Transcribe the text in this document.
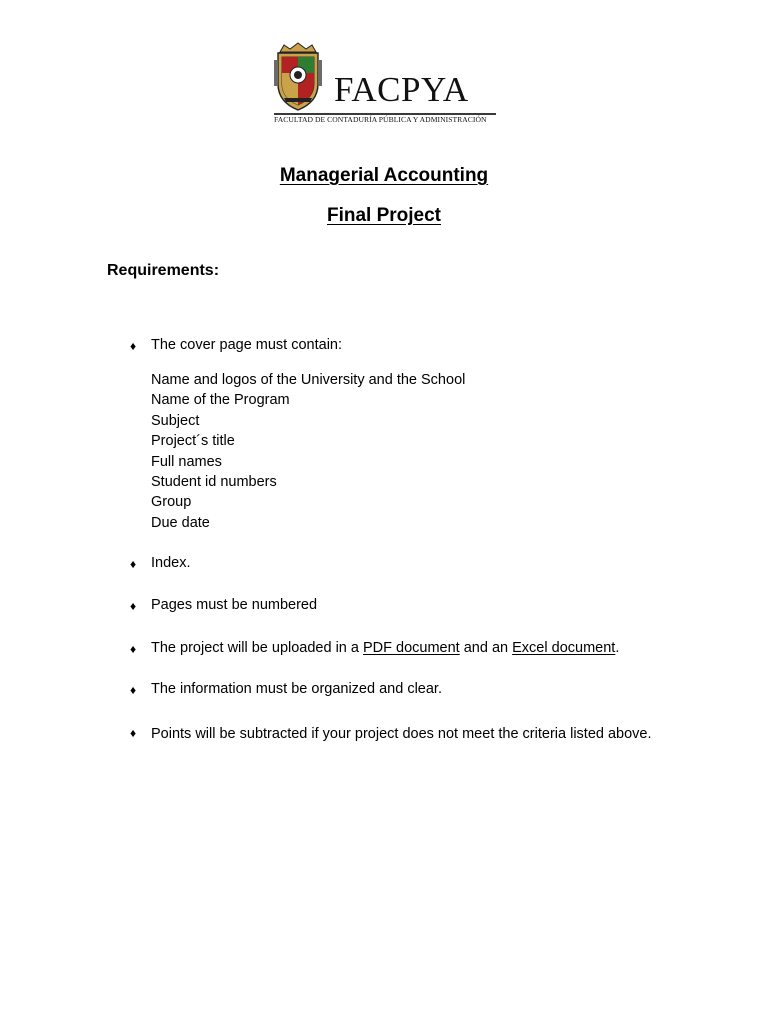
FACPYA
FACULTAD DE CONTADURÍA PÚBLICA Y ADMINISTRACIÓN
Managerial Accounting
Final Project
Requirements:
♦ The cover page must contain:
Name and logos of the University and the School
Name of the Program
Subject
Project´s title
Full names
Student id numbers
Group
Due date
♦ Index.
♦ Pages must be numbered
♦ The project will be uploaded in a PDF document and an Excel document.
♦ The information must be organized and clear.
♦ Points will be subtracted if your project does not meet the criteria listed above.
